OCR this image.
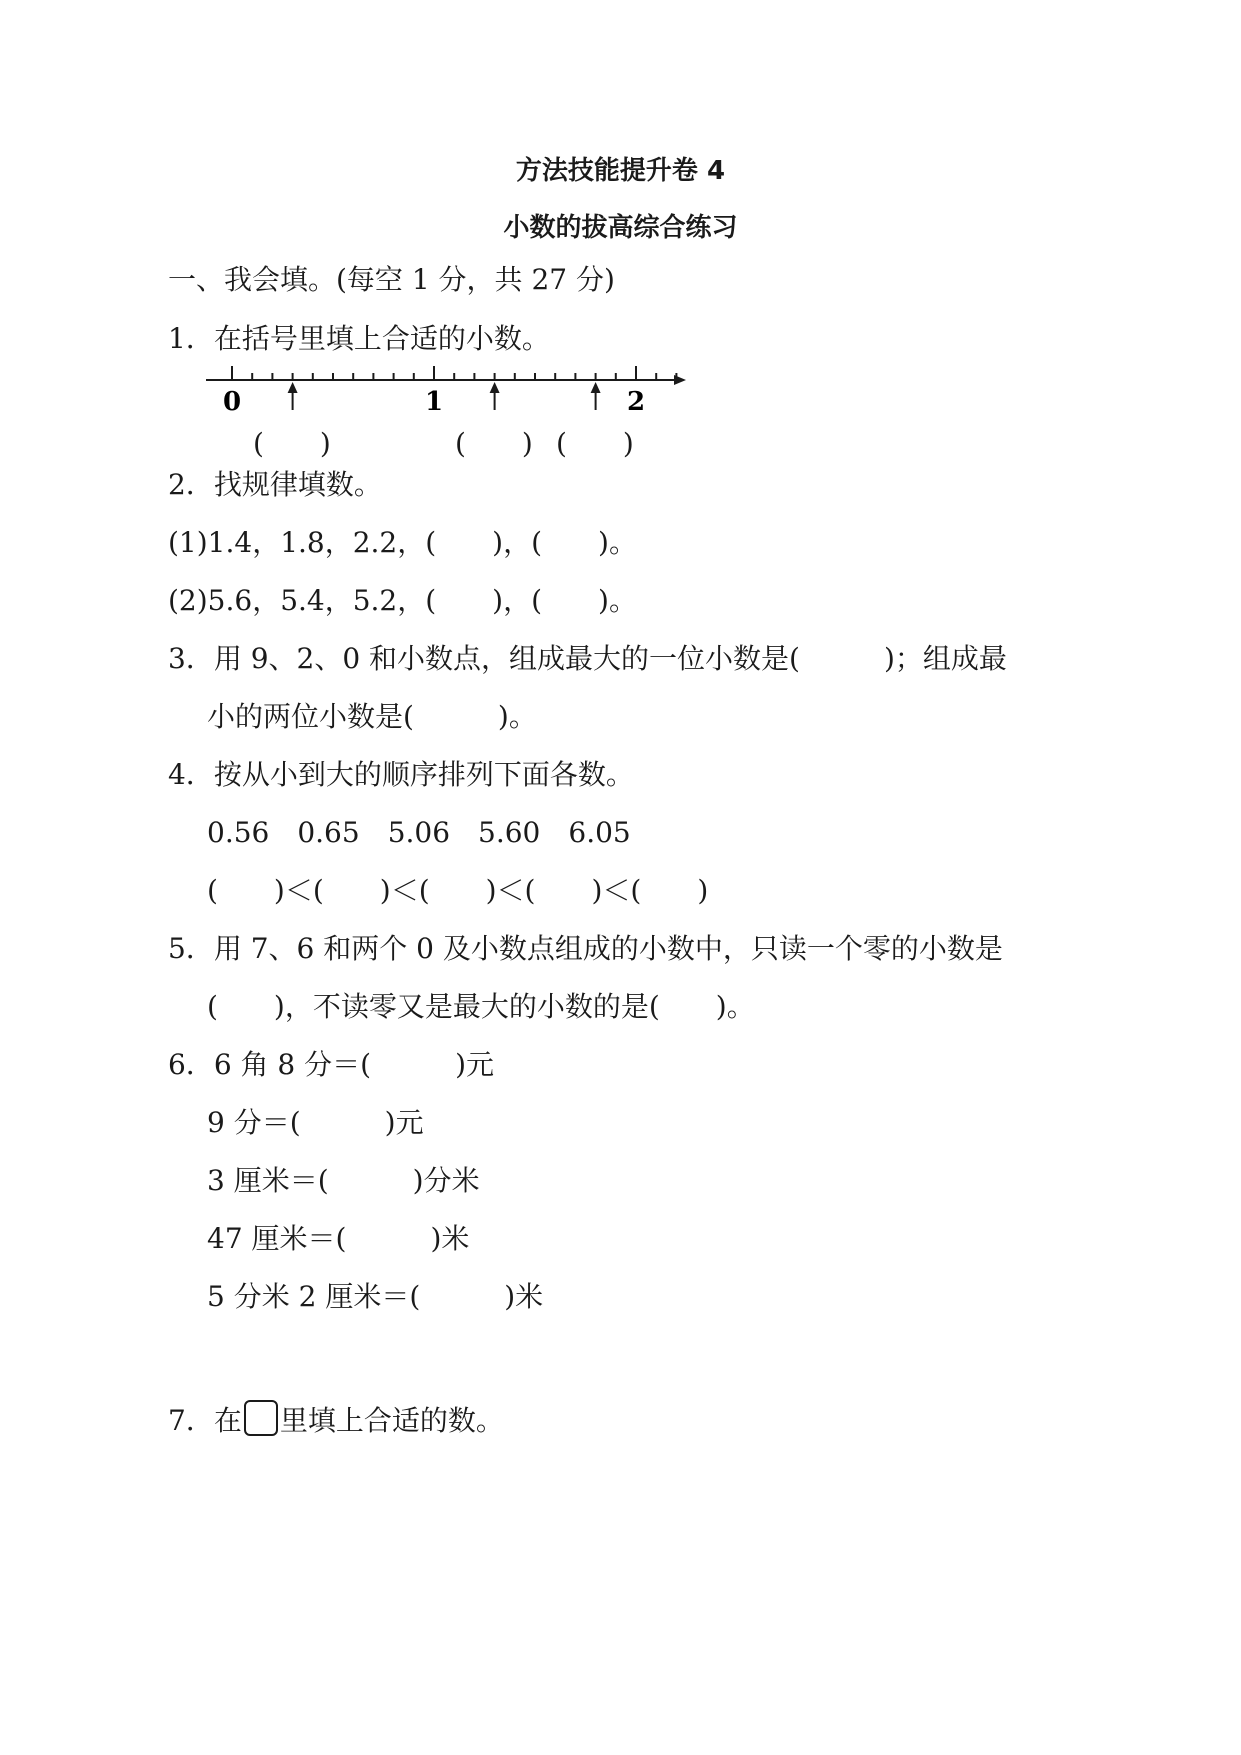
方法技能提升卷 4
小数的拔高综合练习
一、我会填。(每空 1 分，共 27 分)
1．在括号里填上合适的小数。
0	1	2
(　　)	(　　) (　　)
2．找规律填数。
(1)1.4，1.8，2.2，(　　)，(　　)。
(2)5.6，5.4，5.2，(　　)，(　　)。
3．用 9、2、0 和小数点，组成最大的一位小数是(　　　)；组成最
小的两位小数是(　　　)。
4．按从小到大的顺序排列下面各数。
0.56　0.65　5.06　5.60　6.05
(　　)＜(　　)＜(　　)＜(　　)＜(　　)
5．用 7、6 和两个 0 及小数点组成的小数中，只读一个零的小数是
(　　)，不读零又是最大的小数的是(　　)。
6．6 角 8 分＝(　　　)元
9 分＝(　　　)元
3 厘米＝(　　　)分米
47 厘米＝(　　　)米
5 分米 2 厘米＝(　　　)米
7．在 里填上合适的数。
